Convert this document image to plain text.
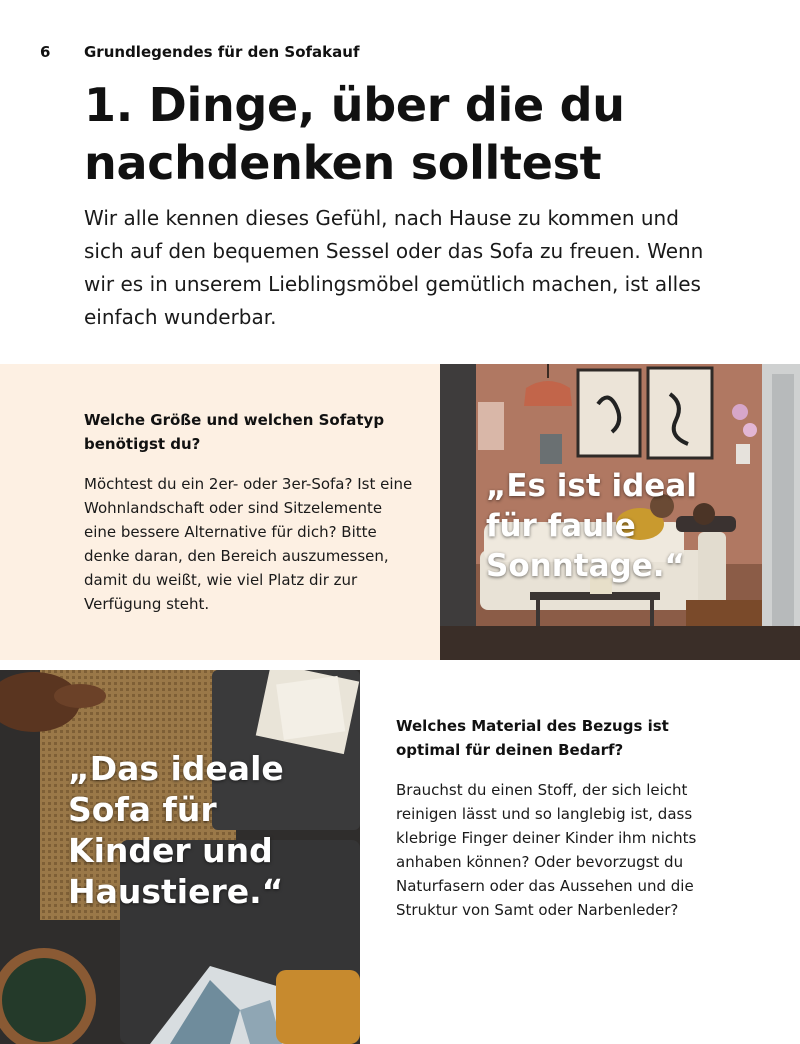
6	Grundlegendes für den Sofakauf
1. Dinge, über die du nachdenken solltest

Wir alle kennen dieses Gefühl, nach Hause zu kommen und sich auf den bequemen Sessel oder das Sofa zu freuen. Wenn wir es in unserem Lieblingsmöbel gemütlich machen, ist alles einfach wunderbar.

Welche Größe und welchen Sofatyp benötigst du?

Möchtest du ein 2er- oder 3er-Sofa? Ist eine Wohnlandschaft oder sind Sitzelemente eine bessere Alternative für dich? Bitte denke daran, den Bereich auszumessen, damit du weißt, wie viel Platz dir zur Verfügung steht.

„Es ist ideal
für faule
Sonntage.“

„Das ideale
Sofa für
Kinder und
Haustiere.“

Welches Material des Bezugs ist optimal für deinen Bedarf?

Brauchst du einen Stoff, der sich leicht reinigen lässt und so langlebig ist, dass klebrige Finger deiner Kinder ihm nichts anhaben können? Oder bevorzugst du Naturfasern oder das Aussehen und die Struktur von Samt oder Narbenleder?
